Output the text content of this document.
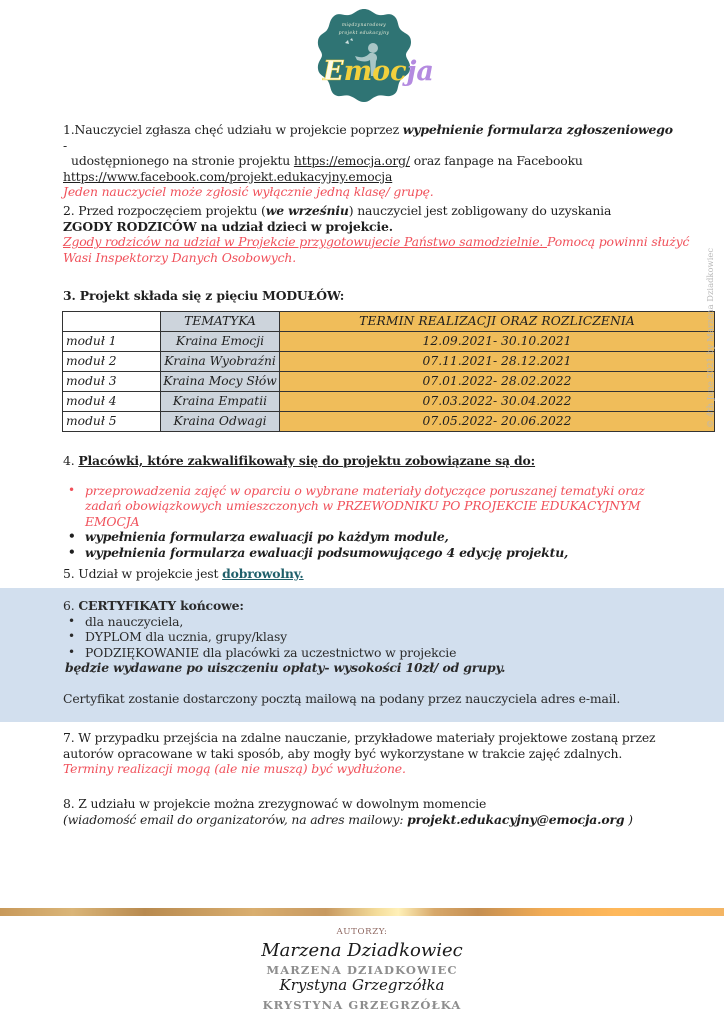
międzynarodowy
projekt edukacyjny
Emocja
1.Nauczyciel zgłasza chęć udziału w projekcie poprzez wypełnienie formularza zgłoszeniowego -
udostępnionego na stronie projektu https://emocja.org/ oraz fanpage na Facebooku
https://www.facebook.com/projekt.edukacyjny.emocja
Jeden nauczyciel może zgłosić wyłącznie jedną klasę/ grupę.
2. Przed rozpoczęciem projektu (we wrześniu) nauczyciel jest zobligowany do uzyskania
ZGODY RODZICÓW na udział dzieci w projekcie.
Zgody rodziców na udział w Projekcie przygotowujecie Państwo samodzielnie. Pomocą powinni służyć
Wasi Inspektorzy Danych Osobowych.
3. Projekt składa się z pięciu MODUŁÓW:
	TEMATYKA	TERMIN REALIZACJI ORAZ ROZLICZENIA
moduł 1	Kraina Emocji	12.09.2021- 30.10.2021
moduł 2	Kraina Wyobraźni	07.11.2021- 28.12.2021
moduł 3	Kraina Mocy Słów	07.01.2022- 28.02.2022
moduł 4	Kraina Empatii	07.03.2022- 30.04.2022
moduł 5	Kraina Odwagi	07.05.2022- 20.06.2022
4. Placówki, które zakwalifikowały się do projektu zobowiązane są do:
• przeprowadzenia zajęć w oparciu o wybrane materiały dotyczące poruszanej tematyki oraz zadań obowiązkowych umieszczonych w PRZEWODNIKU PO PROJEKCIE EDUKACYJNYM EMOCJA
• wypełnienia formularza ewaluacji po każdym module,
• wypełnienia formularza ewaluacji podsumowującego 4 edycję projektu,
5. Udział w projekcie jest dobrowolny.
6. CERTYFIKATY końcowe:
• dla nauczyciela,
• DYPLOM dla ucznia, grupy/klasy
• PODZIĘKOWANIE dla placówki za uczestnictwo w projekcie
będzie wydawane po uiszczeniu opłaty- wysokości 10zł/ od grupy.
Certyfikat zostanie dostarczony pocztą mailową na podany przez nauczyciela adres e-mail.
7. W przypadku przejścia na zdalne nauczanie, przykładowe materiały projektowe zostaną przez
autorów opracowane w taki sposób, aby mogły być wykorzystane w trakcie zajęć zdalnych.
Terminy realizacji mogą (ale nie muszą) być wydłużone.
8. Z udziału w projekcie można zrezygnować w dowolnym momencie
(wiadomość email do organizatorów, na adres mailowy: projekt.edukacyjny@emocja.org )
© 4th June 2021 by Marzena Dziadkowiec
AUTORZY:
Marzena Dziadkowiec
MARZENA DZIADKOWIEC
Krystyna Grzegrzółka
KRYSTYNA GRZEGRZÓŁKA
